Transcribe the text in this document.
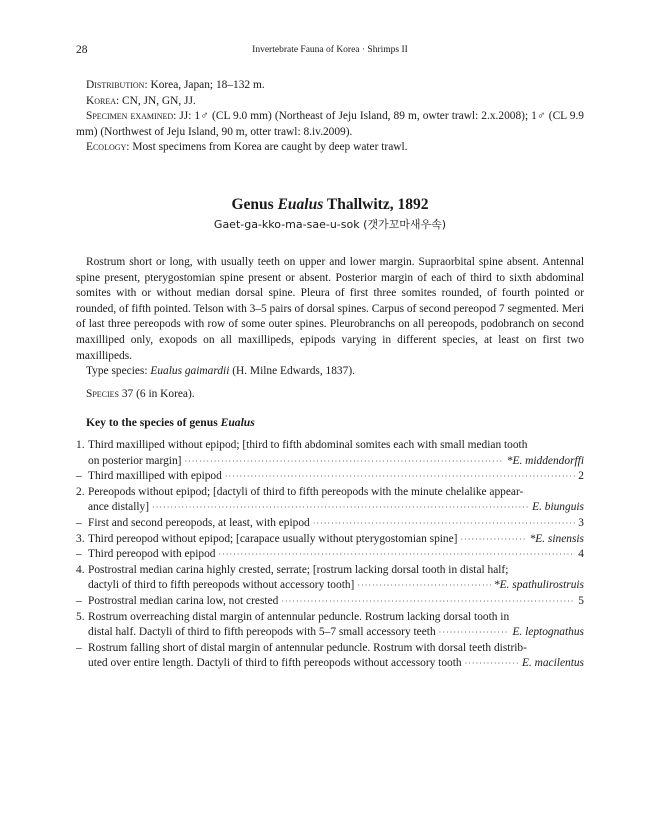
28	Invertebrate Fauna of Korea · Shrimps II

Distribution: Korea, Japan; 18–132 m.

Korea: CN, JN, GN, JJ.

Specimen examined: JJ: 1♂ (CL 9.0 mm) (Northeast of Jeju Island, 89 m, owter trawl: 2.x.2008); 1♂ (CL 9.9 mm) (Northwest of Jeju Island, 90 m, otter trawl: 8.iv.2009).

Ecology: Most specimens from Korea are caught by deep water trawl.

Genus Eualus Thallwitz, 1892
Gaet-ga-kko-ma-sae-u-sok (갯가꼬마새우속)

Rostrum short or long, with usually teeth on upper and lower margin. Supraorbital spine absent. Antennal spine present, pterygostomian spine present or absent. Posterior margin of each of third to sixth abdominal somites with or without median dorsal spine. Pleura of first three somites rounded, of fourth pointed or rounded, of fifth pointed. Telson with 3–5 pairs of dorsal spines. Carpus of second pereopod 7 segmented. Meri of last three pereopods with row of some outer spines. Pleurobranchs on all pereopods, podobranch on second maxilliped only, exopods on all maxillipeds, epipods varying in different species, at least on first two maxillipeds.

Type species: Eualus gaimardii (H. Milne Edwards, 1837).

Species 37 (6 in Korea).

Key to the species of genus Eualus
1. Third maxilliped without epipod; [third to fifth abdominal somites each with small median tooth
on posterior margin] ·····	*E. middendorffi
– Third maxilliped with epipod ·····	2
2. Pereopods without epipod; [dactyli of third to fifth pereopods with the minute chelalike appear-
ance distally] ·····	E. biunguis
– First and second pereopods, at least, with epipod ·····	3
3. Third pereopod without epipod; [carapace usually without pterygostomian spine] ·····	*E. sinensis
– Third pereopod with epipod ·····	4
4. Postrostral median carina highly crested, serrate; [rostrum lacking dorsal tooth in distal half;
dactyli of third to fifth pereopods without accessory tooth] ·····	*E. spathulirostruis
– Postrostral median carina low, not crested ·····	5
5. Rostrum overreaching distal margin of antennular peduncle. Rostrum lacking dorsal tooth in
distal half. Dactyli of third to fifth pereopods with 5–7 small accessory teeth ·····	E. leptognathus
– Rostrum falling short of distal margin of antennular peduncle. Rostrum with dorsal teeth distrib-
uted over entire length. Dactyli of third to fifth pereopods without accessory tooth ·····	E. macilentus
